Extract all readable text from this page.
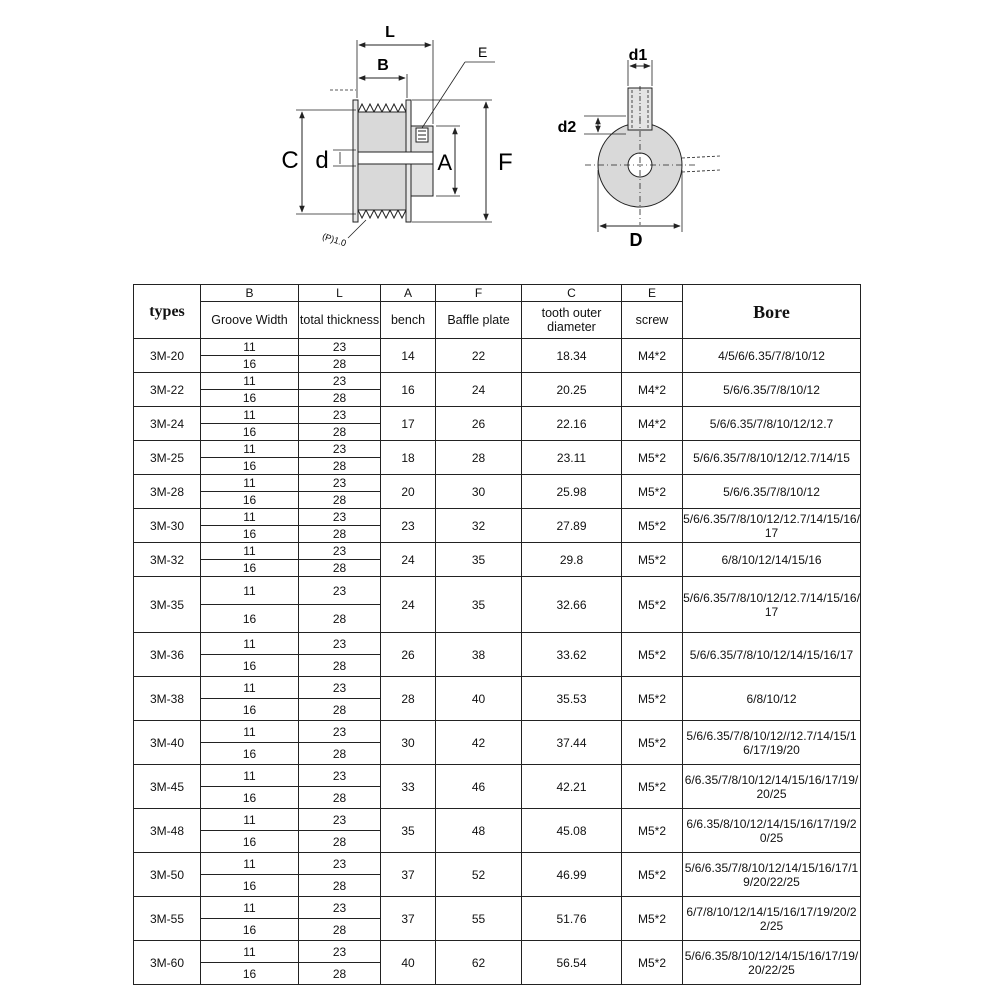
L
B
E
C d	A F
(P)1.0
d1
d2
D
types	B	L	A	F	C	E	Bore
	Groove Width	total thickness	bench	Baffle plate	tooth outer diameter	screw	
3M-20	11	23	14	22	18.34	M4*2	4/5/6/6.35/7/8/10/12
	16	28					
3M-22	11	23	16	24	20.25	M4*2	5/6/6.35/7/8/10/12
	16	28					
3M-24	11	23	17	26	22.16	M4*2	5/6/6.35/7/8/10/12/12.7
	16	28					
3M-25	11	23	18	28	23.11	M5*2	5/6/6.35/7/8/10/12/12.7/14/15
	16	28					
3M-28	11	23	20	30	25.98	M5*2	5/6/6.35/7/8/10/12
	16	28					
3M-30	11	23	23	32	27.89	M5*2	5/6/6.35/7/8/10/12/12.7/14/15/16/17
	16	28					
3M-32	11	23	24	35	29.8	M5*2	6/8/10/12/14/15/16
	16	28					
3M-35	11	23	24	35	32.66	M5*2	5/6/6.35/7/8/10/12/12.7/14/15/16/17
	16	28					
3M-36	11	23	26	38	33.62	M5*2	5/6/6.35/7/8/10/12/14/15/16/17
	16	28					
3M-38	11	23	28	40	35.53	M5*2	6/8/10/12
	16	28					
3M-40	11	23	30	42	37.44	M5*2	5/6/6.35/7/8/10/12//12.7/14/15/16/17/19/20
	16	28					
3M-45	11	23	33	46	42.21	M5*2	6/6.35/7/8/10/12/14/15/16/17/19/20/25
	16	28					
3M-48	11	23	35	48	45.08	M5*2	6/6.35/8/10/12/14/15/16/17/19/20/25
	16	28					
3M-50	11	23	37	52	46.99	M5*2	5/6/6.35/7/8/10/12/14/15/16/17/19/20/22/25
	16	28					
3M-55	11	23	37	55	51.76	M5*2	6/7/8/10/12/14/15/16/17/19/20/22/25
	16	28					
3M-60	11	23	40	62	56.54	M5*2	5/6/6.35/8/10/12/14/15/16/17/19/20/22/25
	16	28					
